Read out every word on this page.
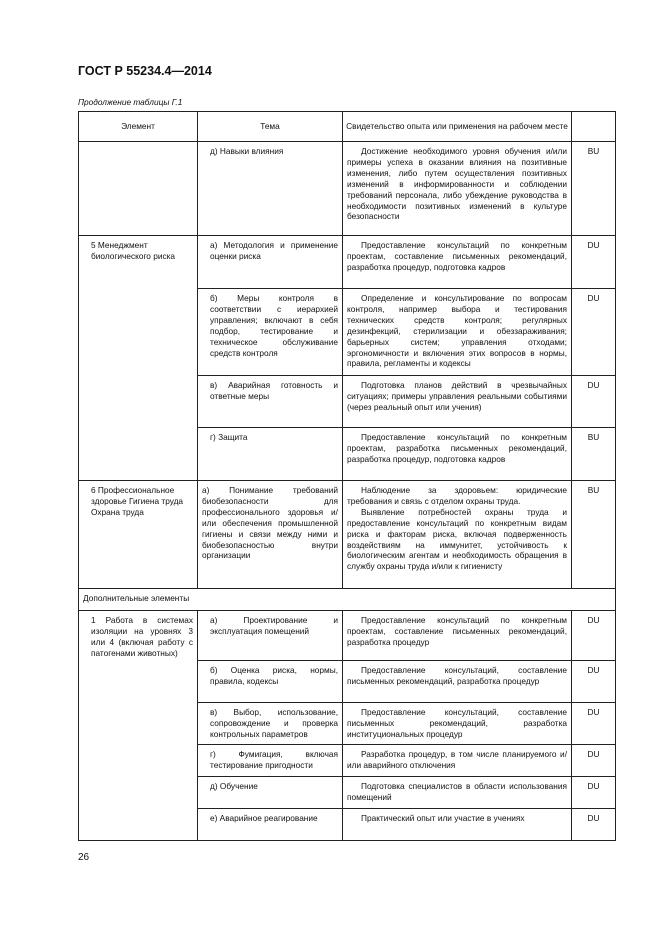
ГОСТ Р 55234.4—2014
Продолжение таблицы Г.1
Элемент	Тема	Свидетельство опыта или применения на рабочем месте	
	д) Навыки влияния	Достижение необходимого уровня обучения и/или примеры успеха в оказании влияния на позитивные изменения, либо путем осуществления позитивных изменений в информированности и соблюдении требований персонала, либо убеждение руководства в необходимости позитивных изменений в культуре безопасности	BU
5 Менеджмент биологического риска	а) Методология и применение оценки риска	Предоставление консультаций по конкретным проектам, составление письменных рекомендаций, разработка процедур, подготовка кадров	DU
	б) Меры контроля в соответствии с иерархией управления; включают в себя подбор, тестирование и техническое обслуживание средств контроля	Определение и консультирование по вопросам контроля, например выбора и тестирования технических средств контроля; регулярных дезинфекций, стерилизации и обеззараживания; барьерных систем; управления отходами; эргономичности и включения этих вопросов в нормы, правила, регламенты и кодексы	DU
	в) Аварийная готовность и ответные меры	Подготовка планов действий в чрезвычайных ситуациях; примеры управления реальными событиями (через реальный опыт или учения)	DU
	г) Защита	Предоставление консультаций по конкретным проектам, разработка письменных рекомендаций, разработка процедур, подготовка кадров	BU
6 Профессиональное здоровье Гигиена труда Охрана труда	а) Понимание требований биобезопасности для профессионального здоровья и/или обеспечения промышленной гигиены и связи между ними и биобезопасностью внутри организации	Наблюдение за здоровьем: юридические требования и связь с отделом охраны труда.
Выявление потребностей охраны труда и предоставление консультаций по конкретным видам риска и факторам риска, включая подверженность воздействиям на иммунитет, устойчивость к биологическим агентам и необходимость обращения в службу охраны труда и/или к гигиенисту	BU
Дополнительные элементы			
1 Работа в системах изоляции на уровнях 3 или 4 (включая работу с патогенами животных)	а) Проектирование и эксплуатация помещений	Предоставление консультаций по конкретным проектам, составление письменных рекомендаций, разработка процедур	DU
	б) Оценка риска, нормы, правила, кодексы	Предоставление консультаций, составление письменных рекомендаций, разработка процедур	DU
	в) Выбор, использование, сопровождение и проверка контрольных параметров	Предоставление консультаций, составление письменных рекомендаций, разработка институциональных процедур	DU
	г) Фумигация, включая тестирование пригодности	Разработка процедур, в том числе планируемого и/или аварийного отключения	DU
	д) Обучение	Подготовка специалистов в области использования помещений	DU
	е) Аварийное реагирование	Практический опыт или участие в учениях	DU
26
